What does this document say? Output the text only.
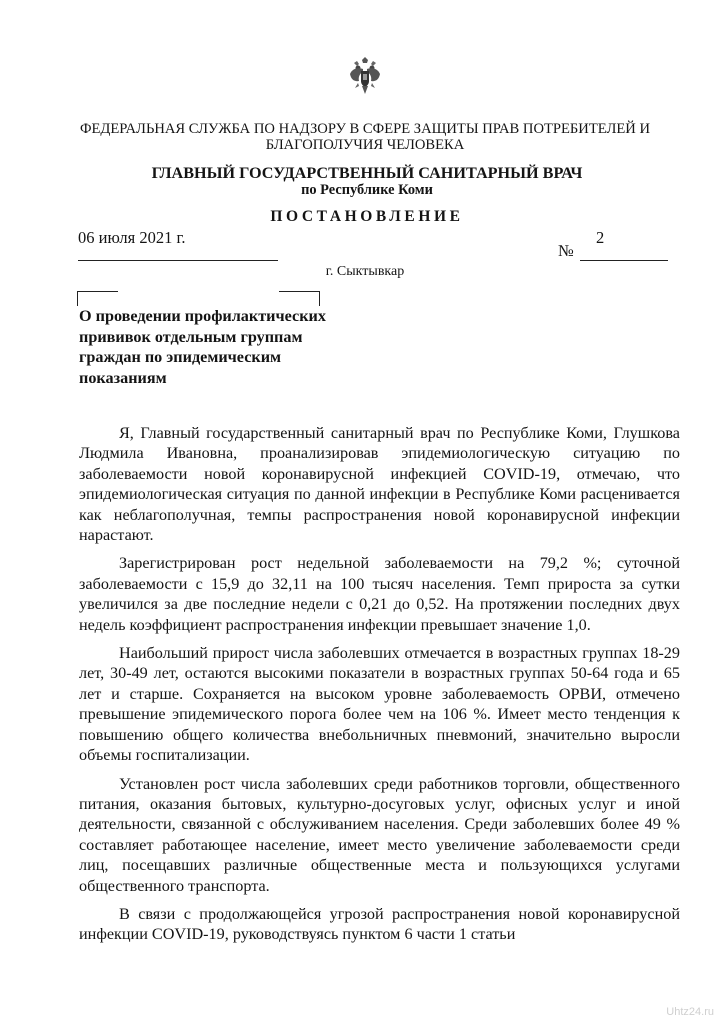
ФЕДЕРАЛЬНАЯ СЛУЖБА ПО НАДЗОРУ В СФЕРЕ ЗАЩИТЫ ПРАВ ПОТРЕБИТЕЛЕЙ И БЛАГОПОЛУЧИЯ ЧЕЛОВЕКА
ГЛАВНЫЙ ГОСУДАРСТВЕННЫЙ САНИТАРНЫЙ ВРАЧ
по Республике Коми
ПОСТАНОВЛЕНИЕ
06 июля 2021 г.
№
2
г. Сыктывкар
О проведении профилактических прививок отдельным группам граждан по эпидемическим показаниям

Я, Главный государственный санитарный врач по Республике Коми, Глушкова Людмила Ивановна, проанализировав эпидемиологическую ситуацию по заболеваемости новой коронавирусной инфекцией COVID-19, отмечаю, что эпидемиологическая ситуация по данной инфекции в Республике Коми расценивается как неблагополучная, темпы распространения новой коронавирусной инфекции нарастают.

Зарегистрирован рост недельной заболеваемости на 79,2 %; суточной заболеваемости с 15,9 до 32,11 на 100 тысяч населения. Темп прироста за сутки увеличился за две последние недели с 0,21 до 0,52. На протяжении последних двух недель коэффициент распространения инфекции превышает значение 1,0.

Наибольший прирост числа заболевших отмечается в возрастных группах 18-29 лет, 30-49 лет, остаются высокими показатели в возрастных группах 50-64 года и 65 лет и старше. Сохраняется на высоком уровне заболеваемость ОРВИ, отмечено превышение эпидемического порога более чем на 106 %. Имеет место тенденция к повышению общего количества внебольничных пневмоний, значительно выросли объемы госпитализации.

Установлен рост числа заболевших среди работников торговли, общественного питания, оказания бытовых, культурно-досуговых услуг, офисных услуг и иной деятельности, связанной с обслуживанием населения. Среди заболевших более 49 % составляет работающее население, имеет место увеличение заболеваемости среди лиц, посещавших различные общественные места и пользующихся услугами общественного транспорта.

В связи с продолжающейся угрозой распространения новой коронавирусной инфекции COVID-19, руководствуясь пунктом 6 части 1 статьи

Uhtz24.ru
